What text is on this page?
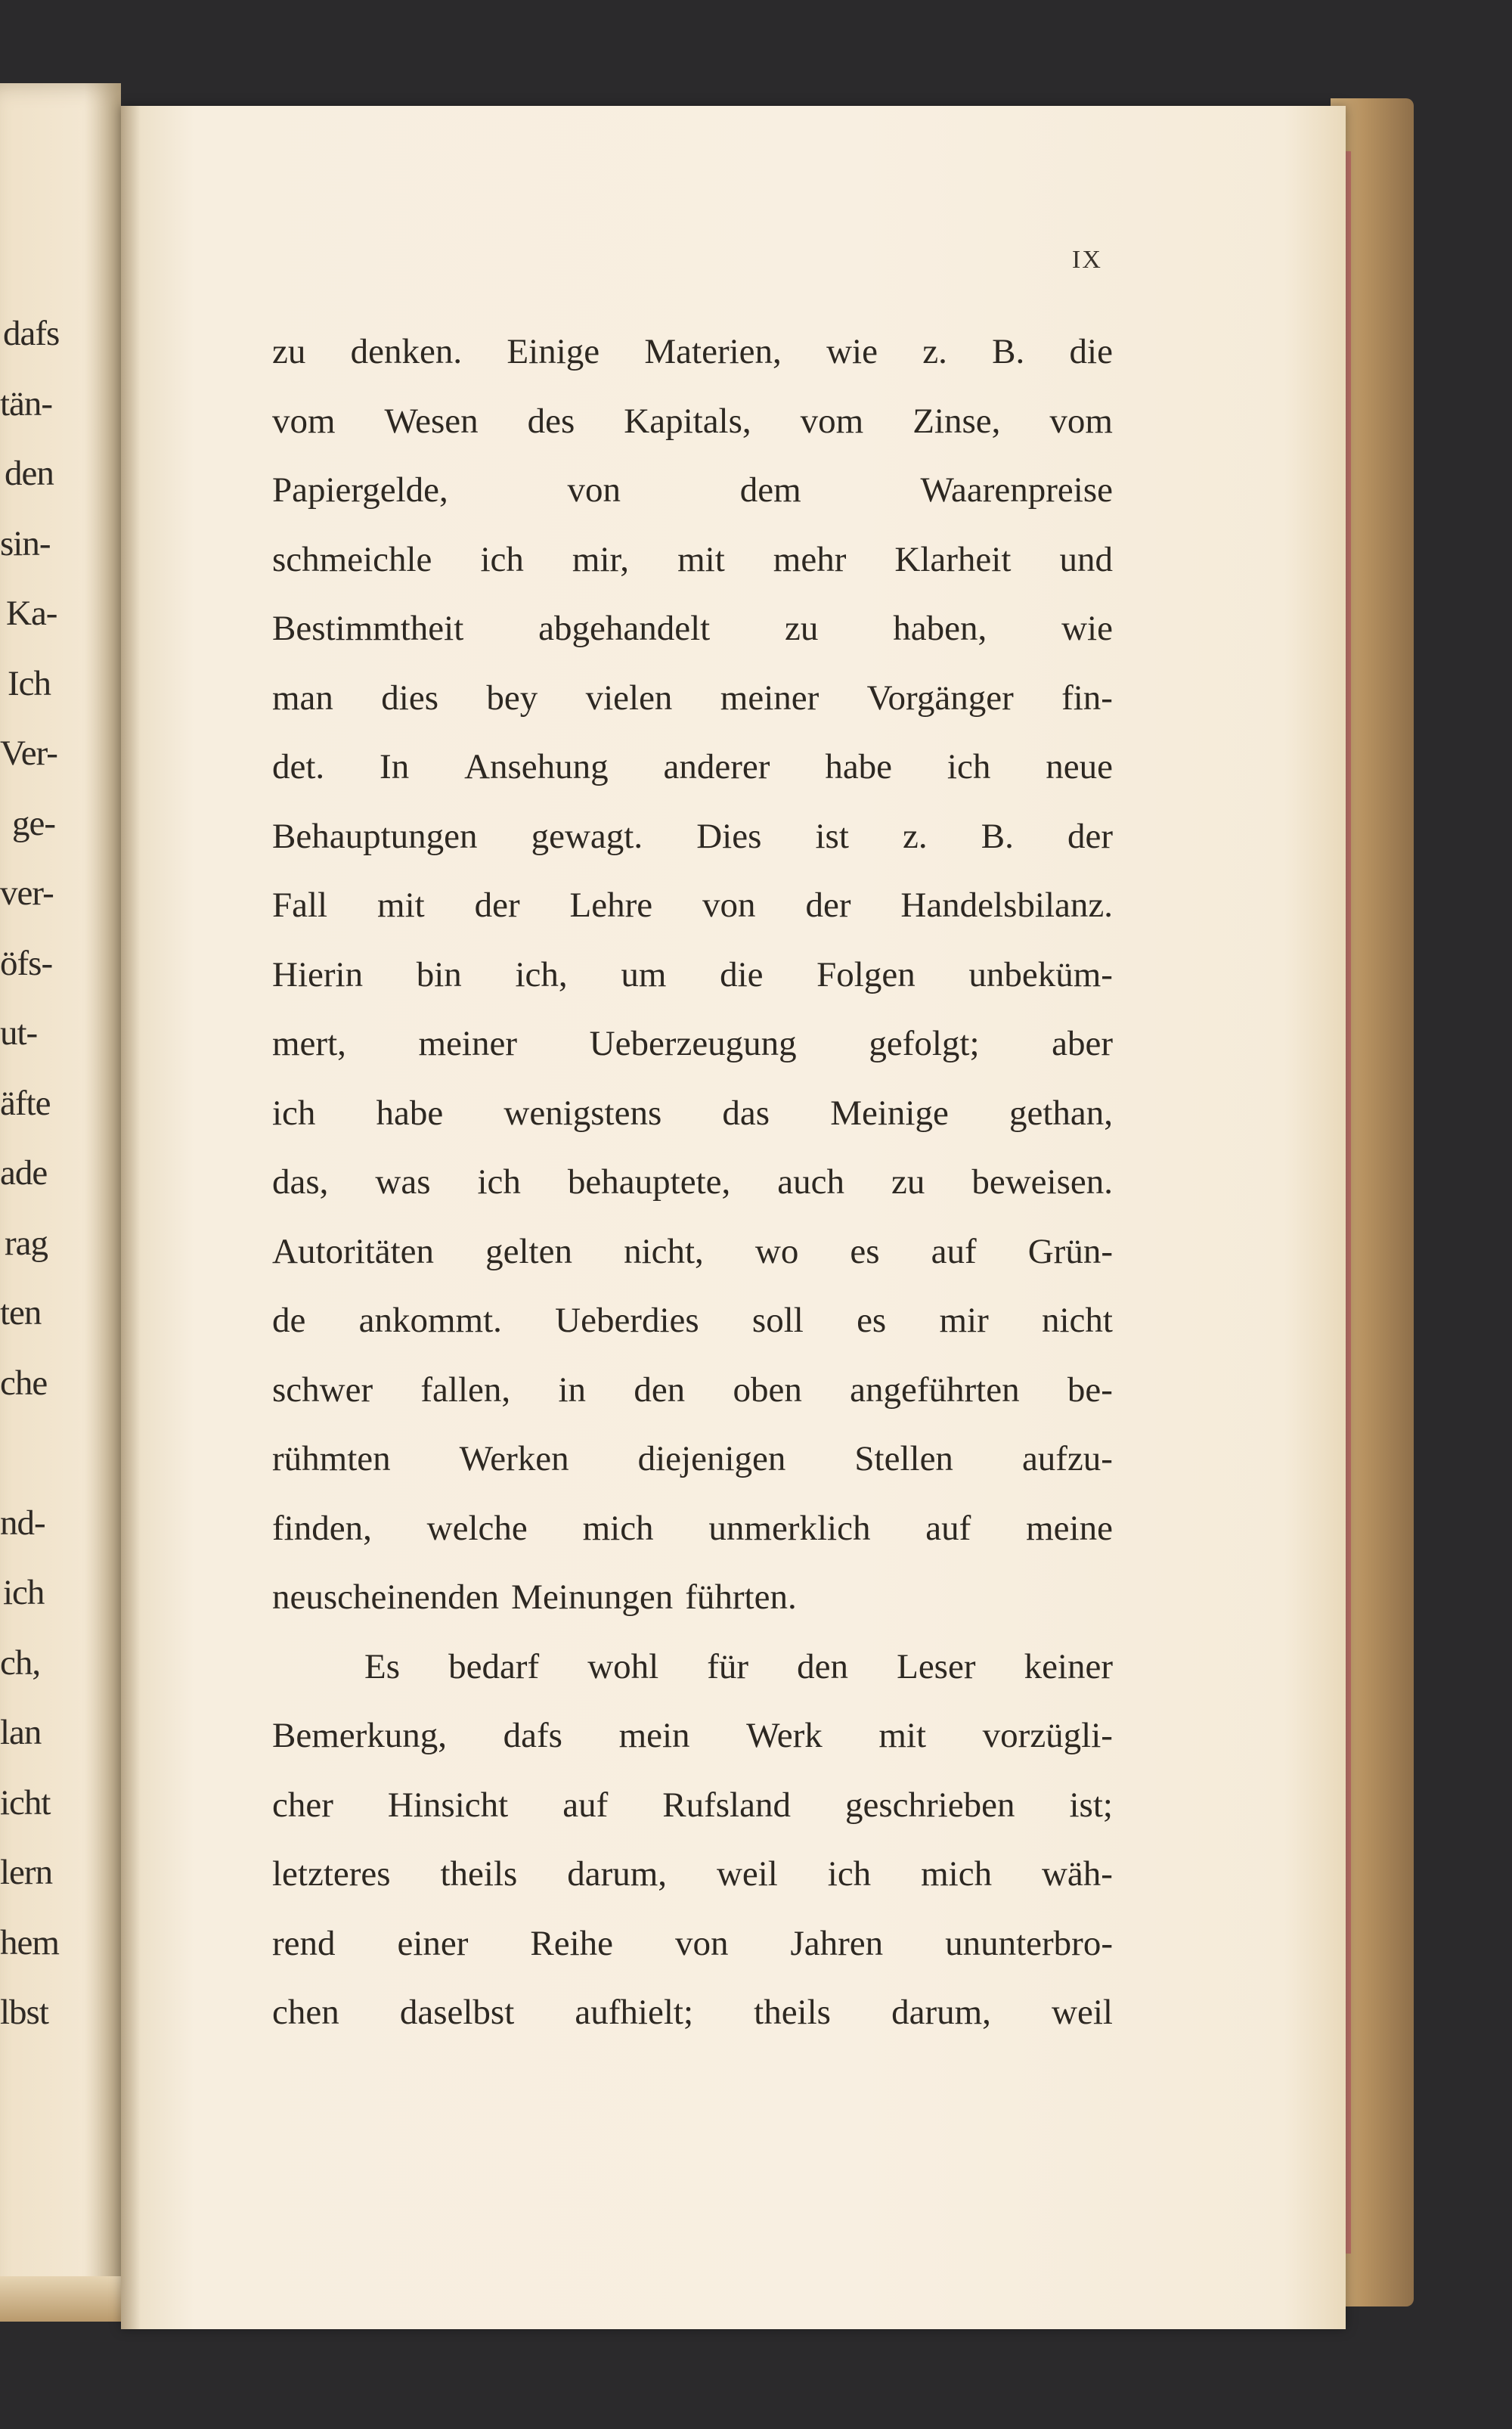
dafs
tän-
den
sin-
Ka-
Ich
Ver-
ge-
ver-
öfs-
ut-
äfte
ade
rag
ten
che
nd-
ich
ch,
lan
icht
lern
hem
lbst
IX
zu denken. Einige Materien, wie z. B. die
vom Wesen des Kapitals, vom Zinse, vom
Papiergelde,	von	dem	Waarenpreise
schmeichle ich mir, mit mehr Klarheit und
Bestimmtheit abgehandelt zu haben, wie
man dies bey vielen meiner Vorgänger fin-
det. In Ansehung anderer habe ich neue
Behauptungen gewagt. Dies ist z. B. der
Fall mit der Lehre von der Handelsbilanz.
Hierin bin ich, um die Folgen unbeküm-
mert, meiner Ueberzeugung gefolgt; aber
ich habe wenigstens das Meinige gethan,
das, was ich behauptete, auch zu beweisen.
Autoritäten gelten nicht, wo es auf Grün-
de ankommt. Ueberdies soll es mir nicht
schwer fallen, in den oben angeführten be-
rühmten Werken diejenigen Stellen aufzu-
finden, welche mich unmerklich auf meine
neuscheinenden Meinungen führten.
Es bedarf wohl für den Leser keiner
Bemerkung, dafs mein Werk mit vorzügli-
cher Hinsicht auf Rufsland geschrieben ist;
letzteres theils darum, weil ich mich wäh-
rend einer Reihe von Jahren ununterbro-
chen daselbst aufhielt; theils darum, weil
